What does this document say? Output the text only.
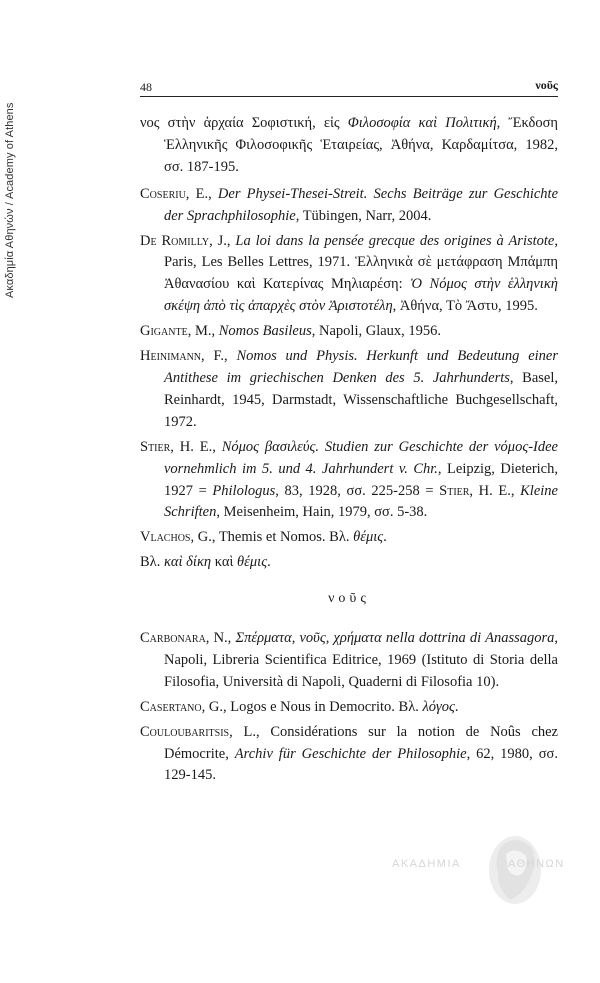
Ακαδημία Αθηνών / Academy of Athens
48	νοῦς

νος στὴν ἀρχαία Σοφιστική, εἰς Φιλοσοφία καὶ Πολιτική, Ἔκδοση Ἑλληνικῆς Φιλοσοφικῆς Ἑταιρείας, Ἀθήνα, Καρδαμίτσα, 1982, σσ. 187-195.

Coseriu, E., Der Physei-Thesei-Streit. Sechs Beiträge zur Geschichte der Sprachphilosophie, Tübingen, Narr, 2004.

De Romilly, J., La loi dans la pensée grecque des origines à Aristote, Paris, Les Belles Lettres, 1971. Ἑλληνικὰ σὲ μετάφραση Μπάμπη Ἀθανασίου καὶ Κατερίνας Μηλιαρέση: Ὁ Νόμος στὴν ἑλληνικὴ σκέψη ἀπὸ τὶς ἀπαρχὲς στὸν Ἀριστοτέλη, Ἀθήνα, Τὸ Ἄστυ, 1995.

Gigante, M., Nomos Basileus, Napoli, Glaux, 1956.

Heinimann, F., Nomos und Physis. Herkunft und Bedeutung einer Antithese im griechischen Denken des 5. Jahrhunderts, Basel, Reinhardt, 1945, Darmstadt, Wissenschaftliche Buchgesellschaft, 1972.

Stier, H. E., Νόμος βασιλεύς. Studien zur Geschichte der νόμος-Idee vornehmlich im 5. und 4. Jahrhundert v. Chr., Leipzig, Dieterich, 1927 = Philologus, 83, 1928, σσ. 225-258 = Stier, H. E., Kleine Schriften, Meisenheim, Hain, 1979, σσ. 5-38.

Vlachos, G., Themis et Nomos. Βλ. θέμις.

Βλ. καὶ δίκη καὶ θέμις.

νοῦς

Carbonara, N., Σπέρματα, νοῦς, χρήματα nella dottrina di Anassagora, Napoli, Libreria Scientifica Editrice, 1969 (Istituto di Storia della Filosofia, Università di Napoli, Quaderni di Filosofia 10).

Casertano, G., Logos e Nous in Democrito. Βλ. λόγος.

Couloubaritsis, L., Considérations sur la notion de Noûs chez Démocrite, Archiv für Geschichte der Philosophie, 62, 1980, σσ. 129-145.

ΑΚΑΔΗΜΙΑ	ΑΘΗΝΩΝ
